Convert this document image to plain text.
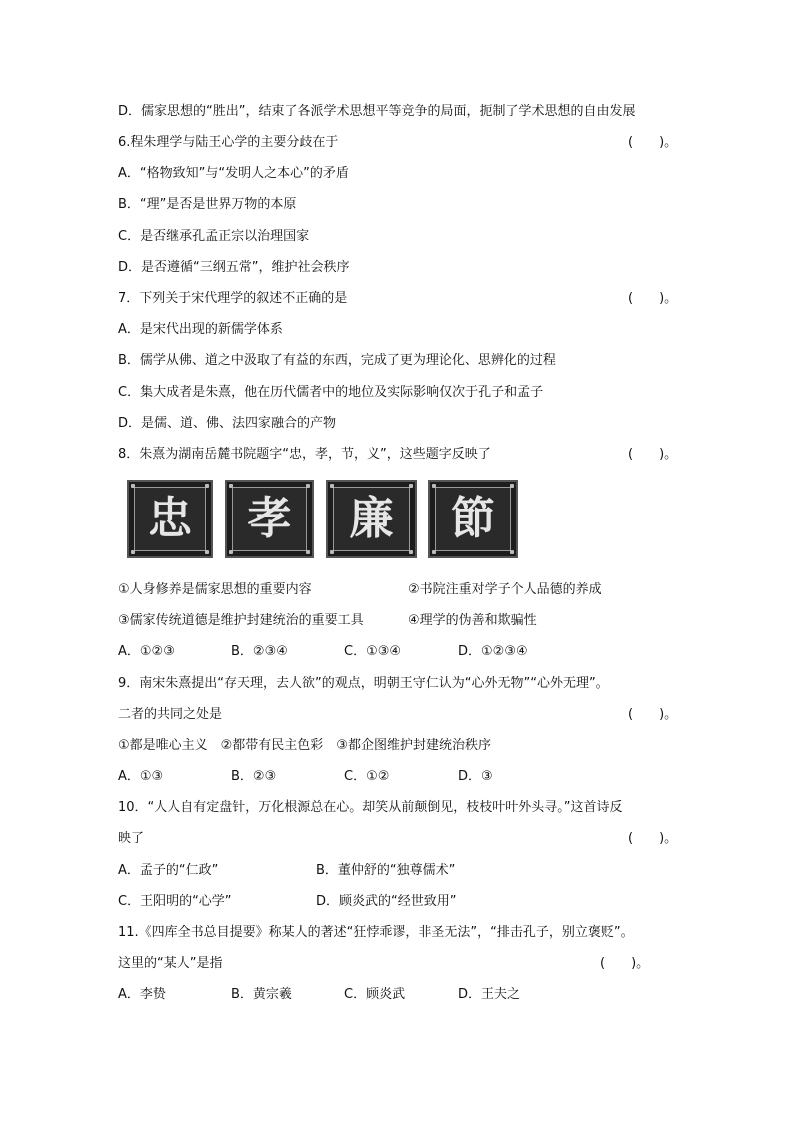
D．儒家思想的“胜出”，结束了各派学术思想平等竞争的局面，扼制了学术思想的自由发展
6.程朱理学与陆王心学的主要分歧在于	(　　)。
A．“格物致知”与“发明人之本心”的矛盾
B．“理”是否是世界万物的本原
C．是否继承孔孟正宗以治理国家
D．是否遵循“三纲五常”，维护社会秩序
7．下列关于宋代理学的叙述不正确的是	(　　)。
A．是宋代出现的新儒学体系
B．儒学从佛、道之中汲取了有益的东西，完成了更为理论化、思辨化的过程
C．集大成者是朱熹，他在历代儒者中的地位及实际影响仅次于孔子和孟子
D．是儒、道、佛、法四家融合的产物
8．朱熹为湖南岳麓书院题字“忠，孝，节，义”，这些题字反映了	(　　)。
忠 孝 廉 節
①人身修养是儒家思想的重要内容	②书院注重对学子个人品德的养成
③儒家传统道德是维护封建统治的重要工具	④理学的伪善和欺骗性
A．①②③	B．②③④	C．①③④	D．①②③④
9．南宋朱熹提出“存天理，去人欲”的观点，明朝王守仁认为“心外无物”“心外无理”。
二者的共同之处是	(　　)。
①都是唯心主义　②都带有民主色彩　③都企图维护封建统治秩序
A．①③	B．②③	C．①②	D．③
10．“人人自有定盘针，万化根源总在心。却笑从前颠倒见，枝枝叶叶外头寻。”这首诗反
映了	(　　)。
A．孟子的“仁政”	B．董仲舒的“独尊儒术”
C．王阳明的“心学”	D．顾炎武的“经世致用”
11.《四库全书总目提要》称某人的著述“狂悖乖谬，非圣无法”，“排击孔子，别立褒贬”。
这里的“某人”是指	(　　)。
A．李贽	B．黄宗羲	C．顾炎武	D．王夫之
